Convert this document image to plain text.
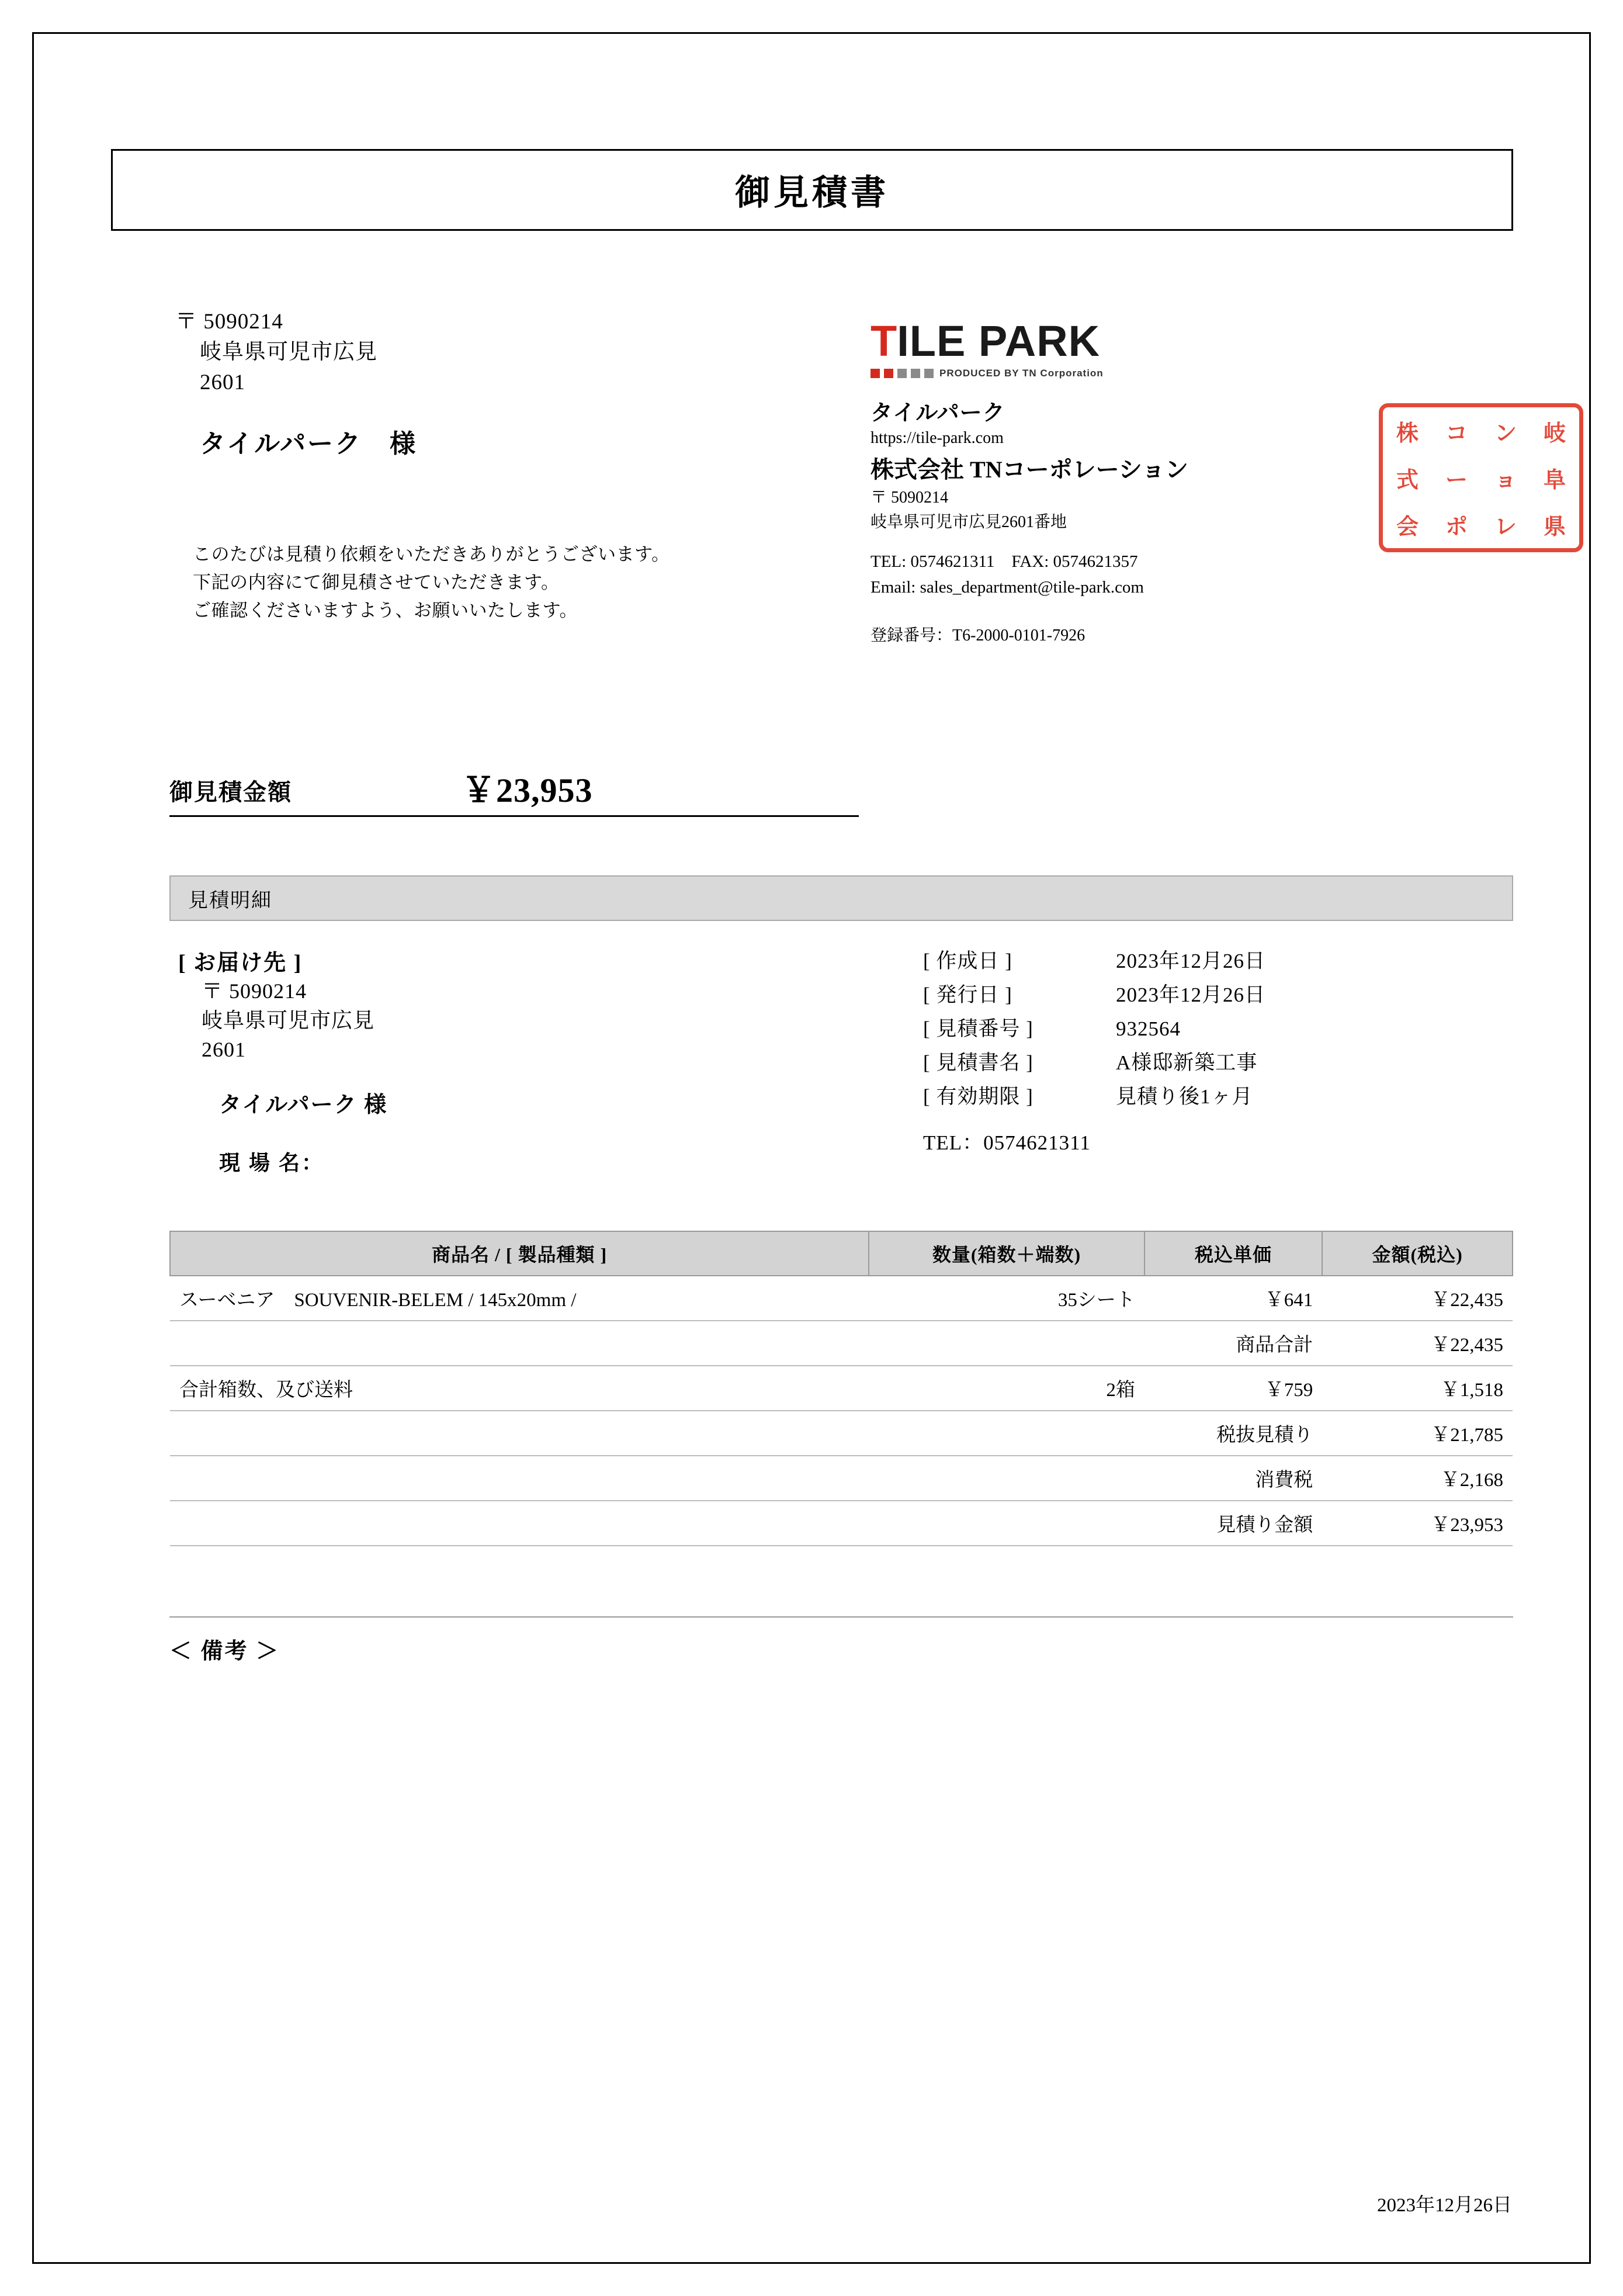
御見積書
〒 5090214
岐阜県可児市広見
2601
タイルパーク　様
このたびは見積り依頼をいただきありがとうございます。
下記の内容にて御見積させていただきます。
ご確認くださいますよう、お願いいたします。
T ILE PARK
PRODUCED BY TN Corporation
タイルパーク
https://tile-park.com
株式会社 TNコーポレーション
〒 5090214
岐阜県可児市広見2601番地
TEL: 0574621311　FAX: 0574621357
Email: sales_department@tile-park.com
登録番号：T6-2000-0101-7926
株 コ ン 岐
式 ー ョ 阜
会 ポ レ 県
御見積金額	￥23,953
見積明細
[ お届け先 ]
〒 5090214
岐阜県可児市広見
2601
タイルパーク 様
現 場 名：
[ 作成日 ]	2023年12月26日
[ 発行日 ]	2023年12月26日
[ 見積番号 ]	932564
[ 見積書名 ]	A様邸新築工事
[ 有効期限 ]	見積り後1ヶ月
TEL：0574621311
商品名 / [ 製品種類 ]	数量(箱数＋端数)	税込単価	金額(税込)
スーベニア　SOUVENIR-BELEM / 145x20mm /	35シート	￥641	￥22,435
		商品合計	￥22,435
合計箱数、及び送料	2箱	￥759	￥1,518
		税抜見積り	￥21,785
		消費税	￥2,168
		見積り金額	￥23,953
＜ 備考 ＞
2023年12月26日
